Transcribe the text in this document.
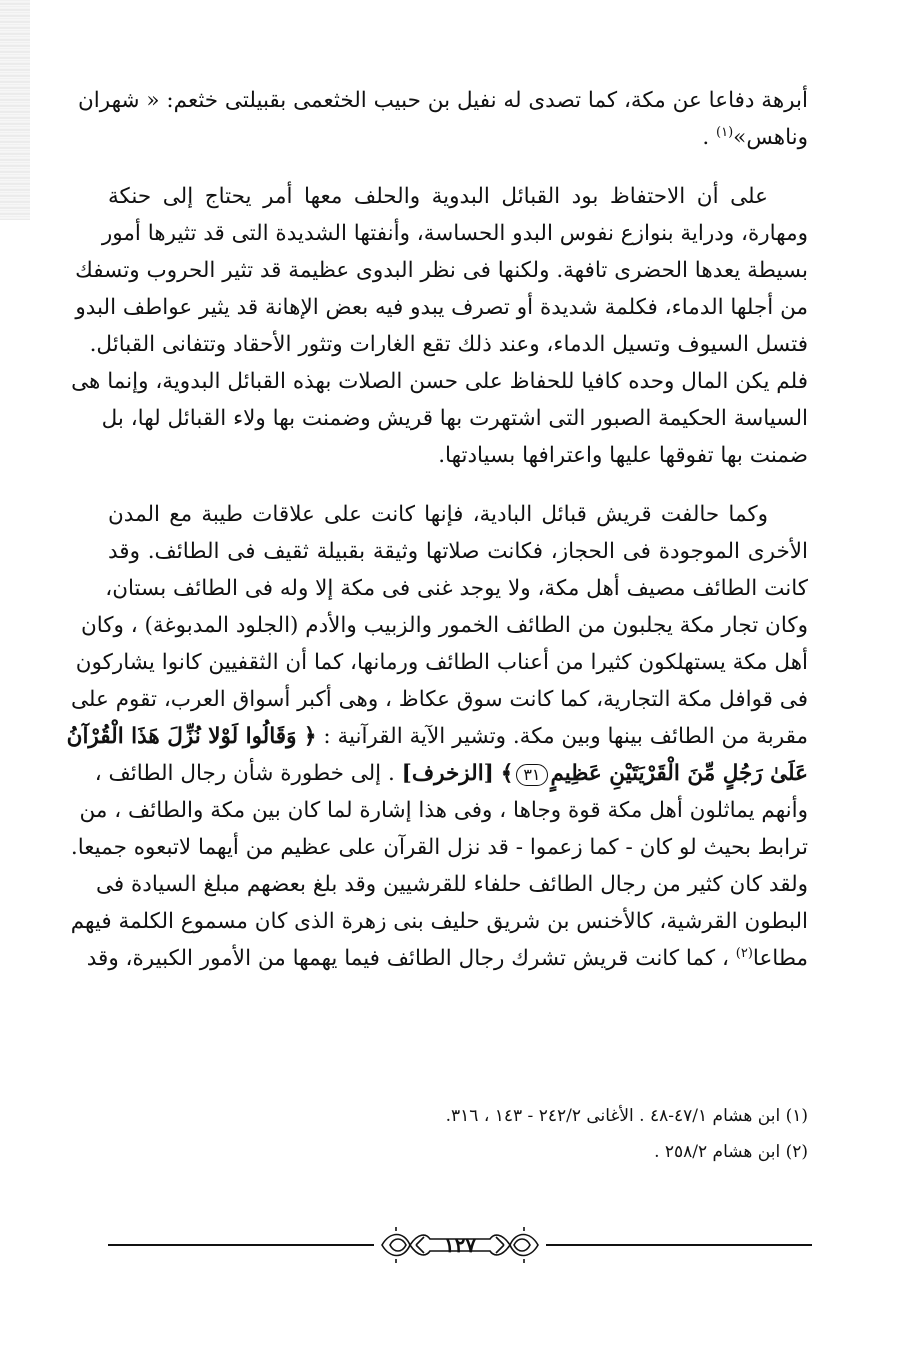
أبرهة دفاعا عن مكة، كما تصدى له نفيل بن حبيب الخثعمى بقبيلتى خثعم: « شهران
وناهس»$^{(١)}$ .

على أن الاحتفاظ بود القبائل البدوية والحلف معها أمر يحتاج إلى حنكة
ومهارة، ودراية بنوازع نفوس البدو الحساسة، وأنفتها الشديدة التى قد تثيرها أمور
بسيطة يعدها الحضرى تافهة. ولكنها فى نظر البدوى عظيمة قد تثير الحروب وتسفك
من أجلها الدماء، فكلمة شديدة أو تصرف يبدو فيه بعض الإهانة قد يثير عواطف البدو
فتسل السيوف وتسيل الدماء، وعند ذلك تقع الغارات وتثور الأحقاد وتتفانى القبائل.
فلم يكن المال وحده كافيا للحفاظ على حسن الصلات بهذه القبائل البدوية، وإنما هى
السياسة الحكيمة الصبور التى اشتهرت بها قريش وضمنت بها ولاء القبائل لها، بل
ضمنت بها تفوقها عليها واعترافها بسيادتها.

وكما حالفت قريش قبائل البادية، فإنها كانت على علاقات طيبة مع المدن
الأخرى الموجودة فى الحجاز، فكانت صلاتها وثيقة بقبيلة ثقيف فى الطائف. وقد
كانت الطائف مصيف أهل مكة، ولا يوجد غنى فى مكة إلا وله فى الطائف بستان،
وكان تجار مكة يجلبون من الطائف الخمور والزبيب والأدم (الجلود المدبوغة) ، وكان
أهل مكة يستهلكون كثيرا من أعناب الطائف ورمانها، كما أن الثقفيين كانوا يشاركون
فى قوافل مكة التجارية، كما كانت سوق عكاظ ، وهى أكبر أسواق العرب، تقوم على
مقربة من الطائف بينها وبين مكة. وتشير الآية القرآنية : ﴿ وَقَالُوا لَوْلا نُزِّلَ هَذَا الْقُرْآنُ
عَلَىٰ رَجُلٍ مِّنَ الْقَرْيَتَيْنِ عَظِيمٍ٣١﴾ [الزخرف] . إلى خطورة شأن رجال الطائف ،
وأنهم يماثلون أهل مكة قوة وجاها ، وفى هذا إشارة لما كان بين مكة والطائف ، من
ترابط بحيث لو كان - كما زعموا - قد نزل القرآن على عظيم من أيهما لاتبعوه جميعا.
ولقد كان كثير من رجال الطائف حلفاء للقرشيين وقد بلغ بعضهم مبلغ السيادة فى
البطون القرشية، كالأخنس بن شريق حليف بنى زهرة الذى كان مسموع الكلمة فيهم
مطاعا$^{(٢)}$ ، كما كانت قريش تشرك رجال الطائف فيما يهمها من الأمور الكبيرة، وقد

(١) ابن هشام ٤٧/١-٤٨ . الأغانى ٢٤٢/٢ - ١٤٣ ، ٣١٦.

(٢) ابن هشام ٢٥٨/٢ .

١٢٧
